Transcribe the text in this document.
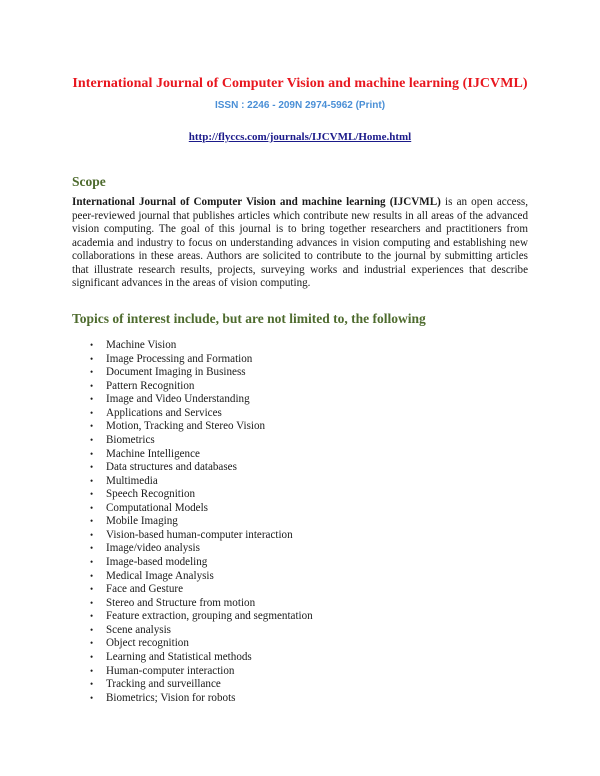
International Journal of Computer Vision and machine learning (IJCVML)
ISSN : 2246 - 209N 2974-5962 (Print)
http://flyccs.com/journals/IJCVML/Home.html
Scope
International Journal of Computer Vision and machine learning (IJCVML) is an open access, peer-reviewed journal that publishes articles which contribute new results in all areas of the advanced vision computing. The goal of this journal is to bring together researchers and practitioners from academia and industry to focus on understanding advances in vision computing and establishing new collaborations in these areas. Authors are solicited to contribute to the journal by submitting articles that illustrate research results, projects, surveying works and industrial experiences that describe significant advances in the areas of vision computing.
Topics of interest include, but are not limited to, the following
• Machine Vision
• Image Processing and Formation
• Document Imaging in Business
• Pattern Recognition
• Image and Video Understanding
• Applications and Services
• Motion, Tracking and Stereo Vision
• Biometrics
• Machine Intelligence
• Data structures and databases
• Multimedia
• Speech Recognition
• Computational Models
• Mobile Imaging
• Vision-based human-computer interaction
• Image/video analysis
• Image-based modeling
• Medical Image Analysis
• Face and Gesture
• Stereo and Structure from motion
• Feature extraction, grouping and segmentation
• Scene analysis
• Object recognition
• Learning and Statistical methods
• Human-computer interaction
• Tracking and surveillance
• Biometrics; Vision for robots
